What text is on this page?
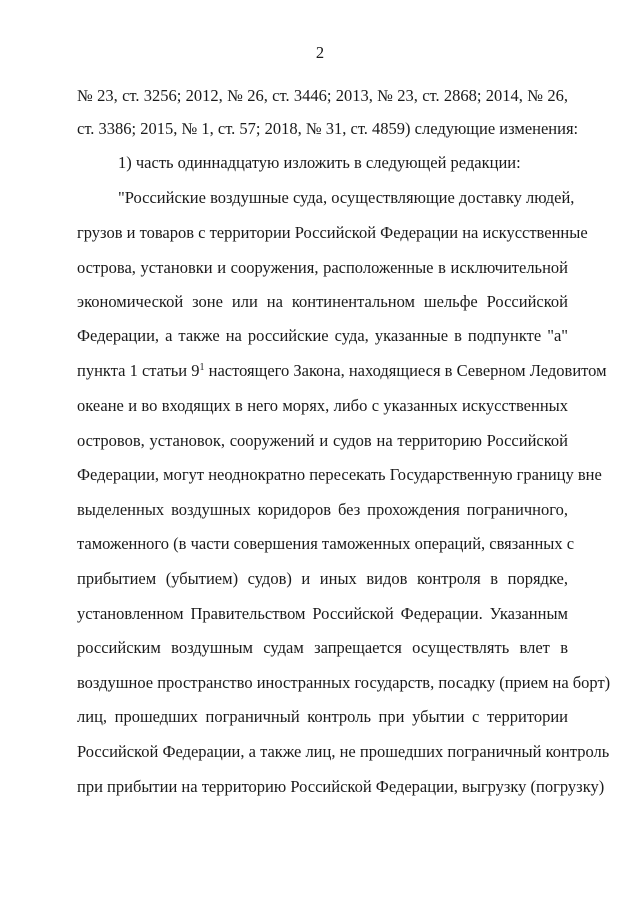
2
№ 23, ст. 3256; 2012, № 26, ст. 3446; 2013, № 23, ст. 2868; 2014, № 26,
ст. 3386; 2015, № 1, ст. 57; 2018, № 31, ст. 4859) следующие изменения:
1) часть одиннадцатую изложить в следующей редакции:
"Российские воздушные суда, осуществляющие доставку людей,
грузов и товаров с территории Российской Федерации на искусственные
острова, установки и сооружения, расположенные в исключительной
экономической зоне или на континентальном шельфе Российской
Федерации, а также на российские суда, указанные в подпункте "а"
пункта 1 статьи $9^1$ настоящего Закона, находящиеся в Северном Ледовитом
океане и во входящих в него морях, либо с указанных искусственных
островов, установок, сооружений и судов на территорию Российской
Федерации, могут неоднократно пересекать Государственную границу вне
выделенных воздушных коридоров без прохождения пограничного,
таможенного (в части совершения таможенных операций, связанных с
прибытием (убытием) судов) и иных видов контроля в порядке,
установленном Правительством Российской Федерации. Указанным
российским воздушным судам запрещается осуществлять влет в
воздушное пространство иностранных государств, посадку (прием на борт)
лиц, прошедших пограничный контроль при убытии с территории
Российской Федерации, а также лиц, не прошедших пограничный контроль
при прибытии на территорию Российской Федерации, выгрузку (погрузку)
